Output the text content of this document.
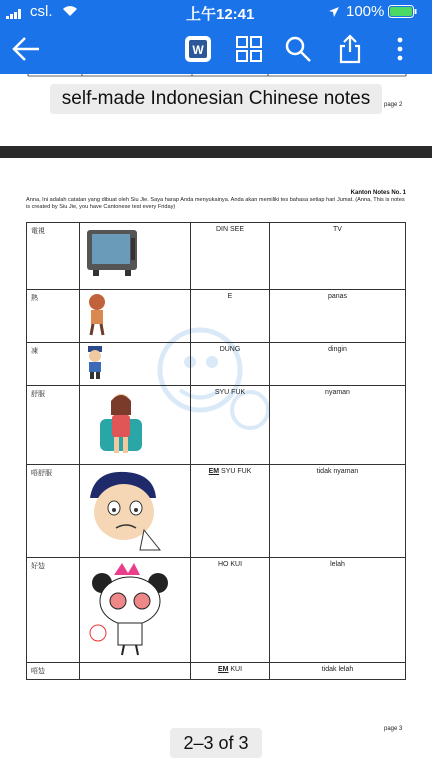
csl.	上午12:41	100%
W
self-made Indonesian Chinese notes	page 2
Kanton Notes No. 1
Anna, Ini adalah catatan yang dibuat oleh Siu Jie. Saya harap Anda menyukainya. Anda akan memiliki tes bahasa setiap hari Jumat. (Anna, This is notes is created by Siu Jie, you have Cantonese test every Friday)
電視		DIN SEE	TV
熱		E	panas
凍		DUNG	dingin
舒服		SYU FUK	nyaman
唔舒服		EM SYU FUK	tidak nyaman
好攰		HO KUI	lelah
唔攰		EM KUI	tidak lelah
page 3
2–3 of 3
